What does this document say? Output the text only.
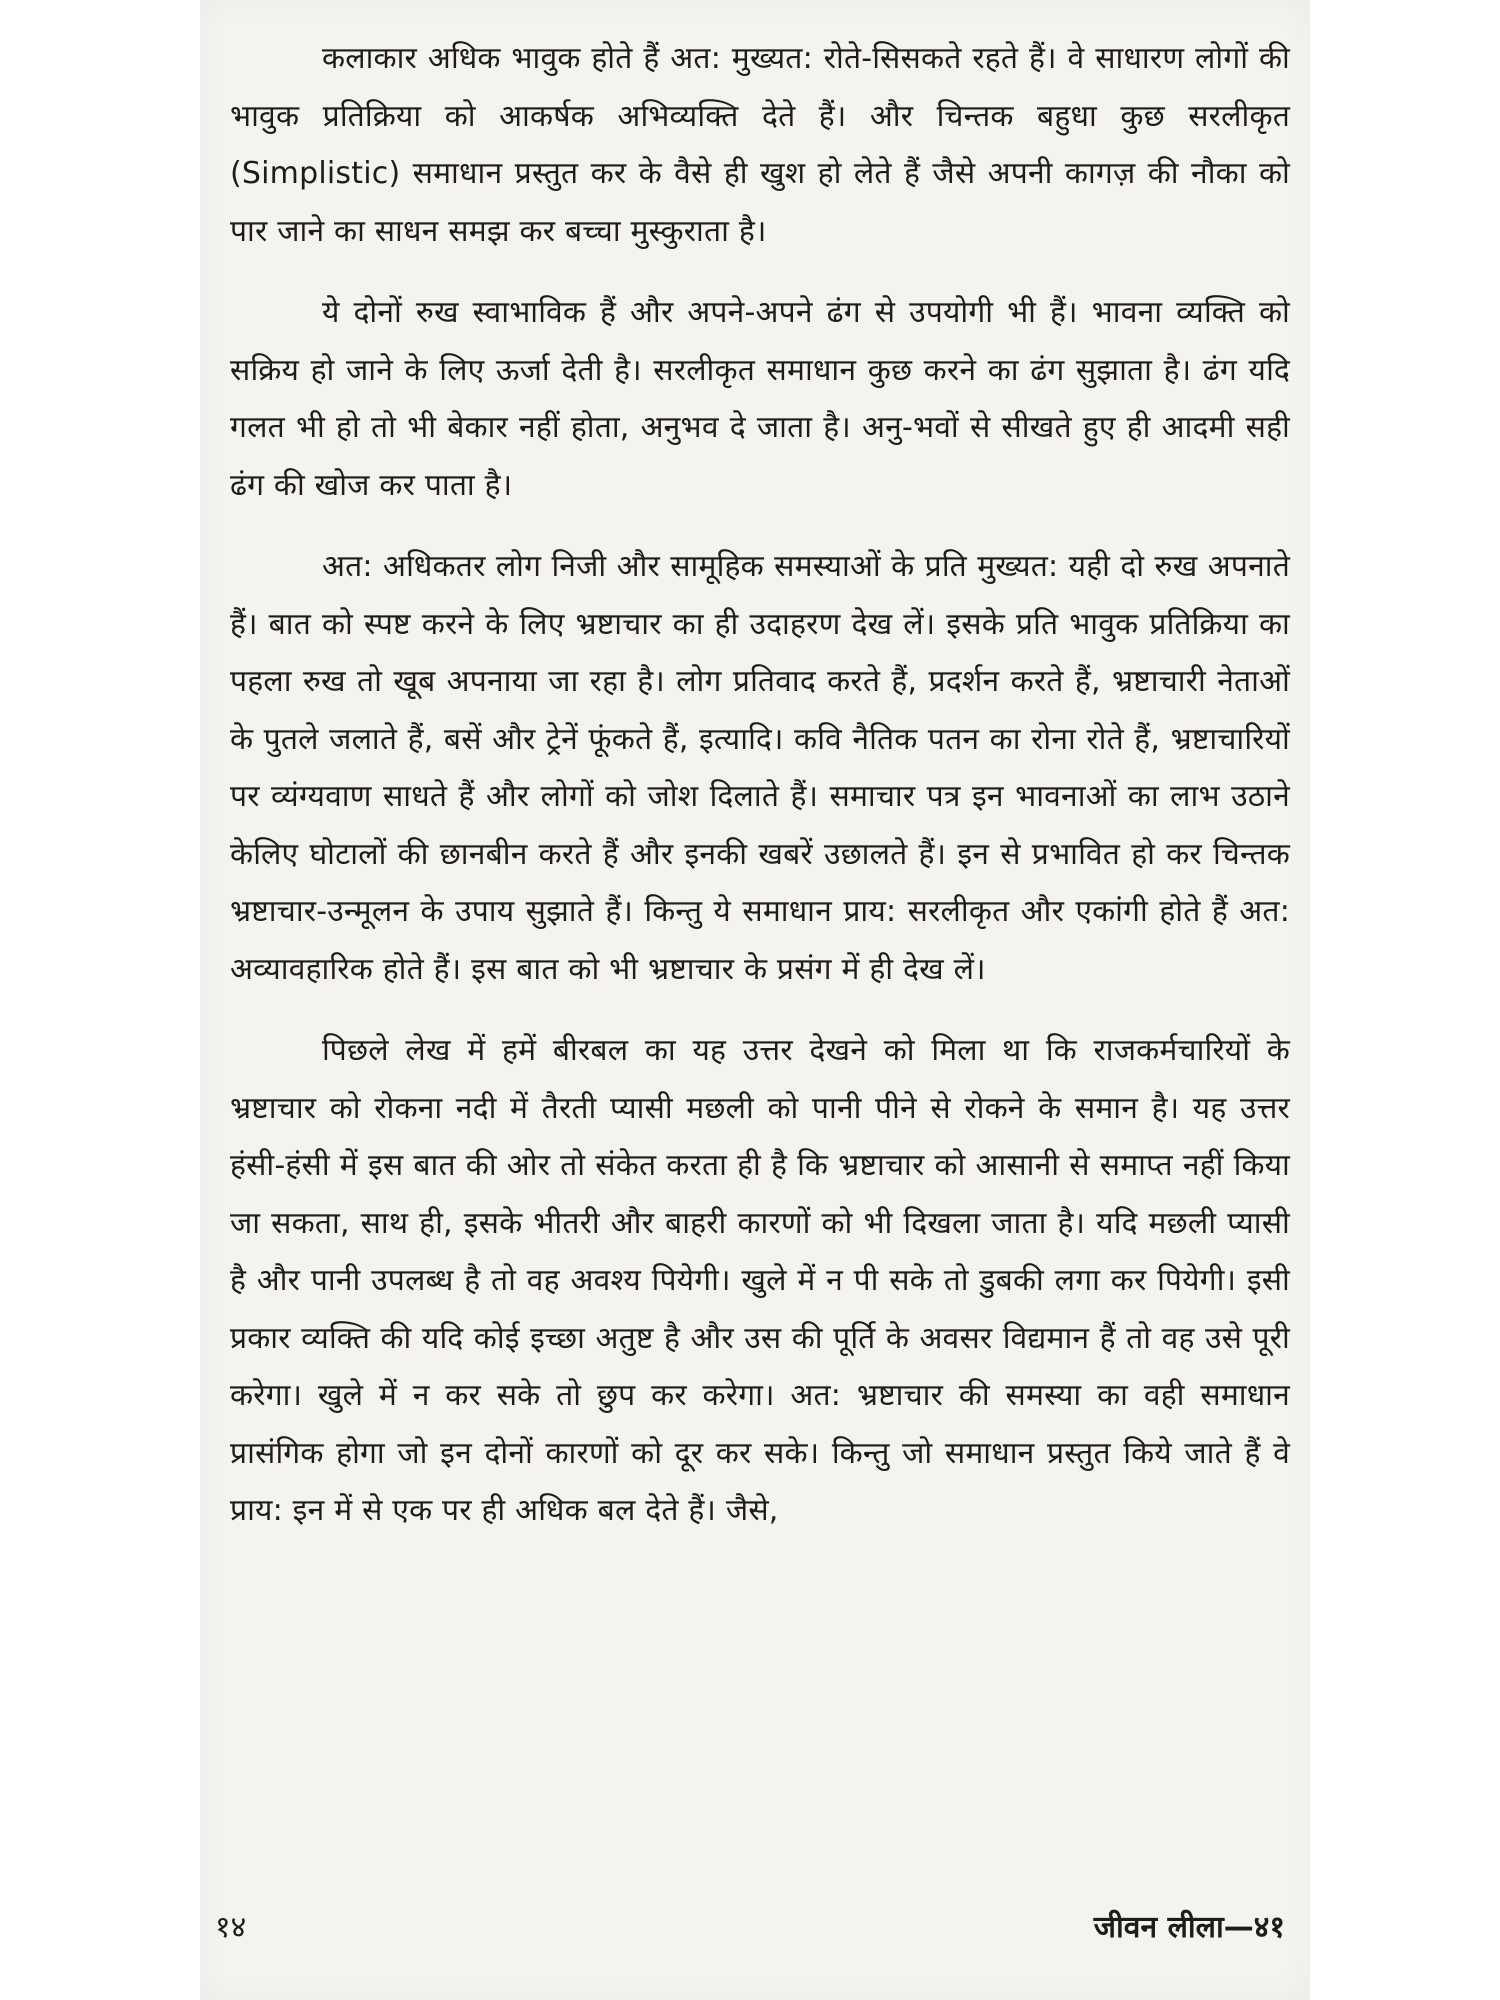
कलाकार अधिक भावुक होते हैं अत: मुख्यत: रोते-सिसकते रहते हैं। वे साधारण लोगों की भावुक प्रतिक्रिया को आकर्षक अभिव्यक्ति देते हैं। और चिन्तक बहुधा कुछ सरलीकृत (Simplistic) समाधान प्रस्तुत कर के वैसे ही खुश हो लेते हैं जैसे अपनी कागज़ की नौका को पार जाने का साधन समझ कर बच्चा मुस्कुराता है।

ये दोनों रुख स्वाभाविक हैं और अपने-अपने ढंग से उपयोगी भी हैं। भावना व्यक्ति को सक्रिय हो जाने के लिए ऊर्जा देती है। सरलीकृत समाधान कुछ करने का ढंग सुझाता है। ढंग यदि गलत भी हो तो भी बेकार नहीं होता, अनुभव दे जाता है। अनु-भवों से सीखते हुए ही आदमी सही ढंग की खोज कर पाता है।

अत: अधिकतर लोग निजी और सामूहिक समस्याओं के प्रति मुख्यत: यही दो रुख अपनाते हैं। बात को स्पष्ट करने के लिए भ्रष्टाचार का ही उदाहरण देख लें। इसके प्रति भावुक प्रतिक्रिया का पहला रुख तो खूब अपनाया जा रहा है। लोग प्रतिवाद करते हैं, प्रदर्शन करते हैं, भ्रष्टाचारी नेताओं के पुतले जलाते हैं, बसें और ट्रेनें फूंकते हैं, इत्यादि। कवि नैतिक पतन का रोना रोते हैं, भ्रष्टाचारियों पर व्यंग्यवाण साधते हैं और लोगों को जोश दिलाते हैं। समाचार पत्र इन भावनाओं का लाभ उठाने केलिए घोटालों की छानबीन करते हैं और इनकी खबरें उछालते हैं। इन से प्रभावित हो कर चिन्तक भ्रष्टाचार-उन्मूलन के उपाय सुझाते हैं। किन्तु ये समाधान प्राय: सरलीकृत और एकांगी होते हैं अत: अव्यावहारिक होते हैं। इस बात को भी भ्रष्टाचार के प्रसंग में ही देख लें।

पिछले लेख में हमें बीरबल का यह उत्तर देखने को मिला था कि राजकर्मचारियों के भ्रष्टाचार को रोकना नदी में तैरती प्यासी मछली को पानी पीने से रोकने के समान है। यह उत्तर हंसी-हंसी में इस बात की ओर तो संकेत करता ही है कि भ्रष्टाचार को आसानी से समाप्त नहीं किया जा सकता, साथ ही, इसके भीतरी और बाहरी कारणों को भी दिखला जाता है। यदि मछली प्यासी है और पानी उपलब्ध है तो वह अवश्य पियेगी। खुले में न पी सके तो डुबकी लगा कर पियेगी। इसी प्रकार व्यक्ति की यदि कोई इच्छा अतुष्ट है और उस की पूर्ति के अवसर विद्यमान हैं तो वह उसे पूरी करेगा। खुले में न कर सके तो छुप कर करेगा। अत: भ्रष्टाचार की समस्या का वही समाधान प्रासंगिक होगा जो इन दोनों कारणों को दूर कर सके। किन्तु जो समाधान प्रस्तुत किये जाते हैं वे प्राय: इन में से एक पर ही अधिक बल देते हैं। जैसे,

१४	जीवन लीला—४१
